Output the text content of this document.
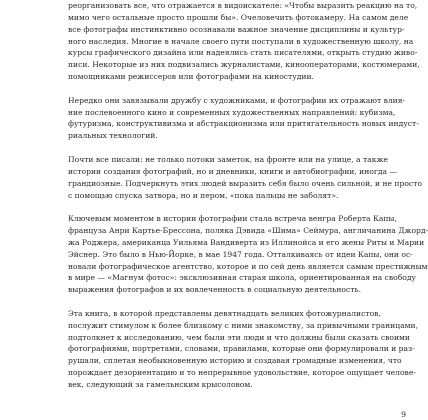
реорганизовать все, что отражается в видоискателе: «Чтобы выразить реакцию на то,
мимо чего остальные просто прошли бы». Очеловечить фотокамеру. На самом деле
все фотографы инстинктивно осознавали важное значение дисциплины и культур-
ного наследия. Многие в начале своего пути поступали в художественную школу, на
курсы графического дизайна или надеялись стать писателями, открыть студию живо-
писи. Некоторые из них подвизались журналистами, кинооператорами, костюмерами,
помощниками режиссеров или фотографами на киностудии.

Нередко они завязывали дружбу с художниками, и фотографии их отражают влия-
ние послевоенного кино и современных художественных направлений: кубизма,
футуризма, конструктивизма и абстракционизма или притягательность новых индуст-
риальных технологий.

Почти все писали: не только потоки заметок, на фронте или на улице, а также
истории создания фотографий, но и дневники, книги и автобиографии, иногда —
грандиозные. Подчеркнуть этих людей выразить себя было очень сильной, и не просто
с помощью спуска затвора, но и пером, «пока пальцы не заболят».

Ключевым моментом в истории фотографии стала встреча венгра Роберта Капы,
француза Анри Картье-Брессона, поляка Дэвида «Шима» Сеймура, англичанина Джорд-
жа Роджера, американца Уильяма Вандиверта из Иллинойса и его жены Риты и Марии
Эйснер. Это было в Нью-Йорке, в мае 1947 года. Отталкиваясь от идеи Капы, они ос-
новали фотографическое агентство, которое и по сей день является самым престижным
в мире — «Магнум фотос»: эксклюзивная старая школа, ориентированная на свободу
выражения фотографов и их вовлеченность в социальную деятельность.

Эта книга, в которой представлены девятнадцать великих фотожурналистов,
послужит стимулом к более близкому с ними знакомству, за привычными границами,
подтолкнет к исследованию, чем были эти люди и что должны были сказать своими
фотографиями, портретами, словами, правилами, которые они формулировали и раз-
рушали, сплетая необыкновенную историю и создавая громадные изменения, что
порождает дезориентацию и то непрерывное удовольствие, которое ощущает челове-
век, следующий за гамельнским крысоловом.

9
